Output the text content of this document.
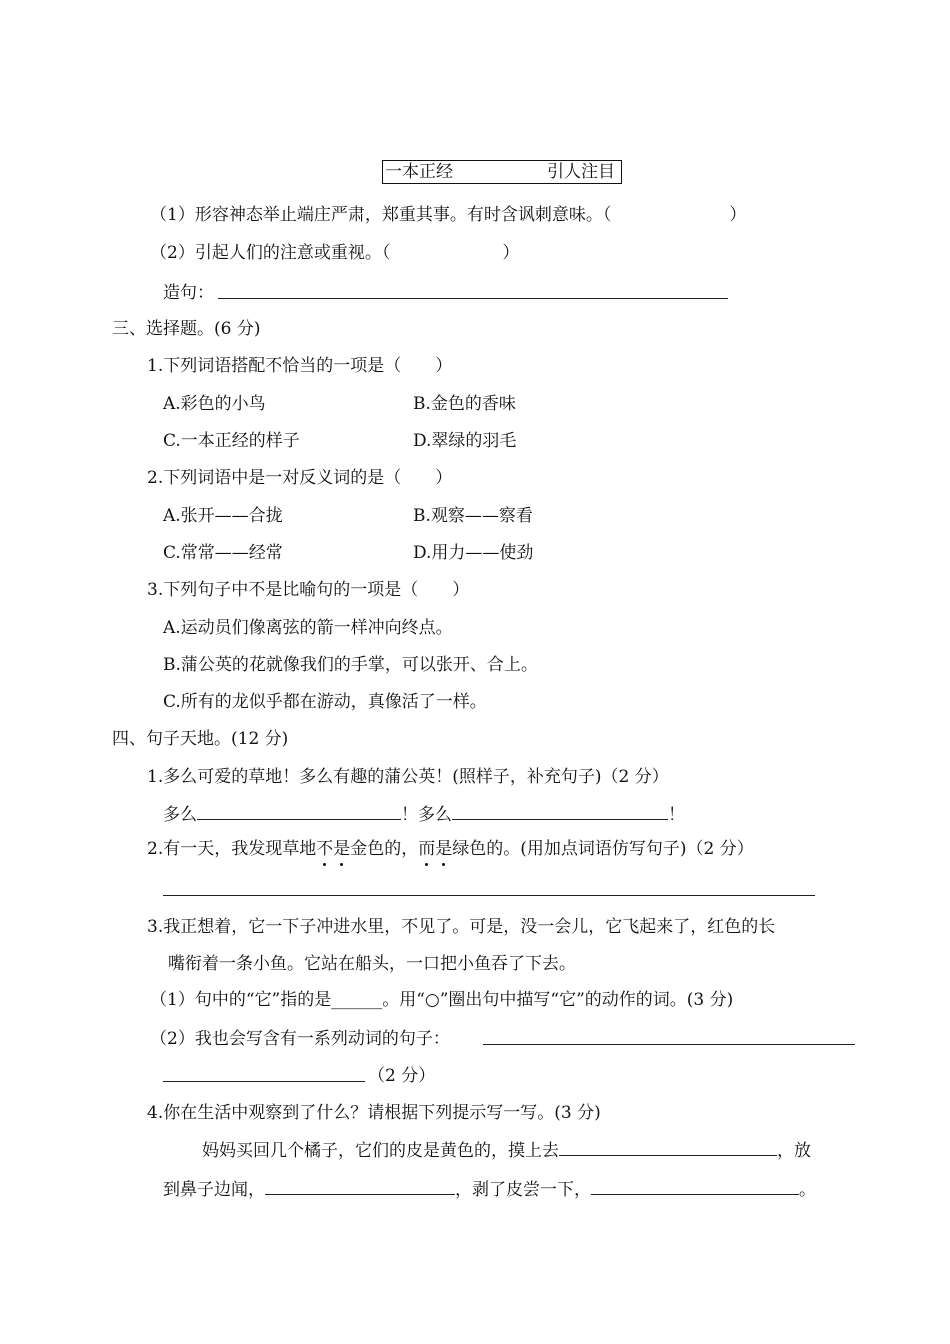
一本正经	引人注目
（1）形容神态举止端庄严肃，郑重其事。有时含讽刺意味。（	）
（2）引起人们的注意或重视。（	）
造句：
三、选择题。(6 分)
1.下列词语搭配不恰当的一项是（　　）
A.彩色的小鸟	B.金色的香味
C.一本正经的样子	D.翠绿的羽毛
2.下列词语中是一对反义词的是（　　）
A.张开——合拢	B.观察——察看
C.常常——经常	D.用力——使劲
3.下列句子中不是比喻句的一项是（　　）
A.运动员们像离弦的箭一样冲向终点。
B.蒲公英的花就像我们的手掌，可以张开、合上。
C.所有的龙似乎都在游动，真像活了一样。
四、句子天地。(12 分)
1.多么可爱的草地！多么有趣的蒲公英！(照样子，补充句子)（2 分）
多么	！多么	！
2.有一天，我发现草地不是金色的，而是绿色的。(用加点词语仿写句子)（2 分）
3.我正想着，它一下子冲进水里，不见了。可是，没一会儿，它飞起来了，红色的长
嘴衔着一条小鱼。它站在船头，一口把小鱼吞了下去。
（1）句中的“它”指的是______。用“○”圈出句中描写“它”的动作的词。(3 分)
（2）我也会写含有一系列动词的句子：
（2 分）
4.你在生活中观察到了什么？请根据下列提示写一写。(3 分)
妈妈买回几个橘子，它们的皮是黄色的，摸上去	，放
到鼻子边闻，	，剥了皮尝一下，	。
